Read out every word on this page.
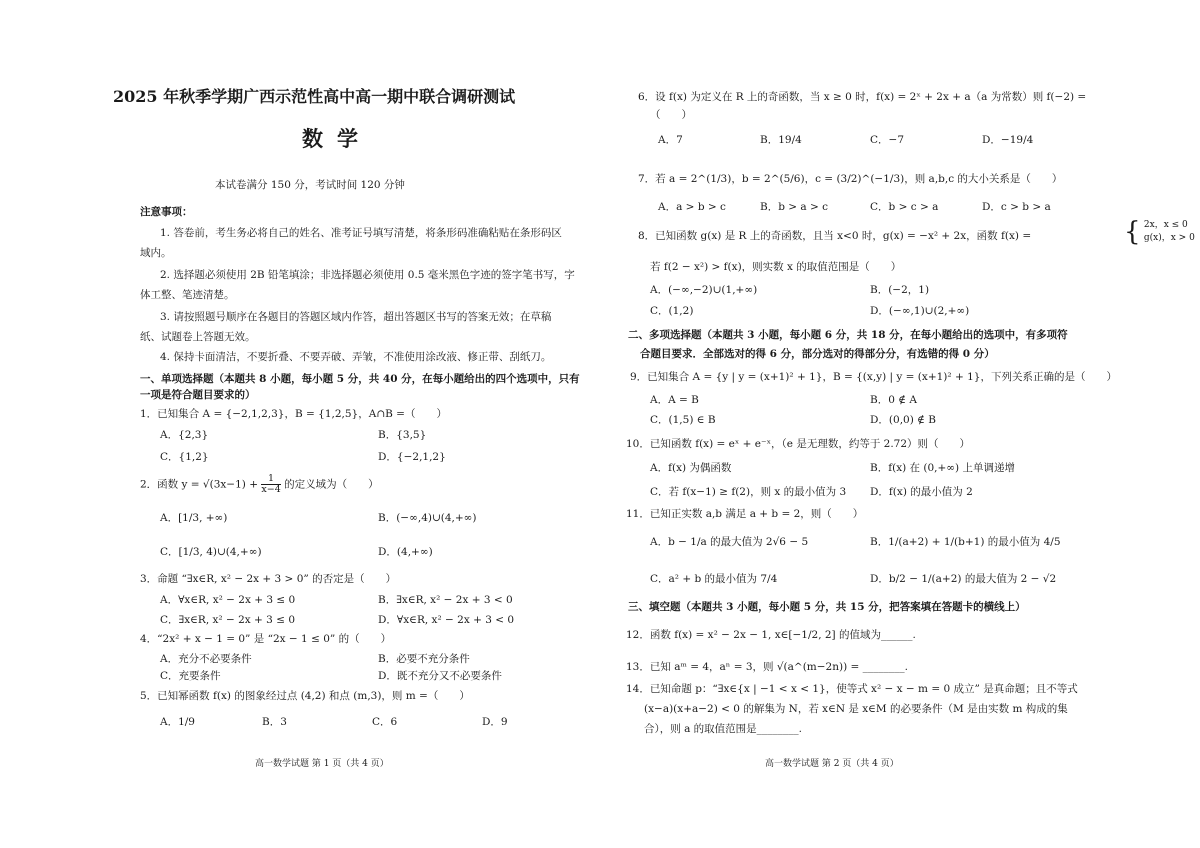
2025 年秋季学期广西示范性高中高一期中联合调研测试
数学
本试卷满分 150 分，考试时间 120 分钟
注意事项：
1. 答卷前，考生务必将自己的姓名、准考证号填写清楚，将条形码准确粘贴在条形码区
域内。
2. 选择题必须使用 2B 铅笔填涂；非选择题必须使用 0.5 毫米黑色字迹的签字笔书写，字
体工整、笔迹清楚。
3. 请按照题号顺序在各题目的答题区域内作答，超出答题区书写的答案无效；在草稿
纸、试题卷上答题无效。
4. 保持卡面清洁，不要折叠、不要弄破、弄皱，不准使用涂改液、修正带、刮纸刀。
一、单项选择题（本题共 8 小题，每小题 5 分，共 40 分，在每小题给出的四个选项中，只有
一项是符合题目要求的）
1．已知集合 A = {−2,1,2,3}，B = {1,2,5}，A∩B =（　　）
A．{2,3}	B．{3,5}
C．{1,2}	D．{−2,1,2}
2．函数 $y = √(3x-1) + \frac{1}{x-4}$ 的定义域为（　　）
A．[1/3, +∞)	B．(−∞,4)∪(4,+∞)
C．[1/3, 4)∪(4,+∞)	D．(4,+∞)
3．命题 “∃x∈R, x² − 2x + 3 > 0” 的否定是（　　）
A．∀x∈R, x² − 2x + 3 ≤ 0	B．∃x∈R, x² − 2x + 3 < 0
C．∃x∈R, x² − 2x + 3 ≤ 0	D．∀x∈R, x² − 2x + 3 < 0
4．“2x² + x − 1 = 0” 是 “2x − 1 ≤ 0” 的（　　）
A．充分不必要条件	B．必要不充分条件
C．充要条件	D．既不充分又不必要条件
5．已知幂函数 f(x) 的图象经过点 (4,2) 和点 (m,3)，则 m =（　　）
A．1/9	B．3	C．6	D．9
高一数学试题 第 1 页（共 4 页）
6．设 f(x) 为定义在 R 上的奇函数，当 x ≥ 0 时，f(x) = 2ˣ + 2x + a（a 为常数）则 f(−2) =
（　　）
A．7	B．19/4	C．−7	D．−19/4
7．若 a = 2^(1/3)，b = 2^(5/6)，c = (3/2)^(−1/3)，则 a,b,c 的大小关系是（　　）
A．a > b > c	B．b > a > c	C．b > c > a	D．c > b > a
8．已知函数 g(x) 是 R 上的奇函数，且当 x<0 时，g(x) = −x² + 2x，函数 f(x) =	{ 2x，x ≤ 0
g(x)，x > 0
若 f(2 − x²) > f(x)，则实数 x 的取值范围是（　　）
A．(−∞,−2)∪(1,+∞)	B．(−2，1)
C．(1,2)	D．(−∞,1)∪(2,+∞)
二、多项选择题（本题共 3 小题，每小题 6 分，共 18 分，在每小题给出的选项中，有多项符
合题目要求．全部选对的得 6 分，部分选对的得部分分，有选错的得 0 分）
9．已知集合 A = {y | y = (x+1)² + 1}，B = {(x,y) | y = (x+1)² + 1}，下列关系正确的是（　　）
A．A = B	B．0 ∉ A
C．(1,5) ∈ B	D．(0,0) ∉ B
10．已知函数 f(x) = eˣ + e⁻ˣ，（e 是无理数，约等于 2.72）则（　　）
A．f(x) 为偶函数	B．f(x) 在 (0,+∞) 上单调递增
C．若 f(x−1) ≥ f(2)，则 x 的最小值为 3 D．f(x) 的最小值为 2
11．已知正实数 a,b 满足 a + b = 2，则（　　）
A．b − 1/a 的最大值为 2√6 − 5	B．1/(a+2) + 1/(b+1) 的最小值为 4/5
C．a² + b 的最小值为 7/4	D．b/2 − 1/(a+2) 的最大值为 2 − √2
三、填空题（本题共 3 小题，每小题 5 分，共 15 分，把答案填在答题卡的横线上）
12．函数 f(x) = x² − 2x − 1, x∈[−1/2, 2] 的值域为______.
13．已知 aᵐ = 4，aⁿ = 3，则 √(a^(m−2n)) = ________.
14．已知命题 p：“∃x∈{x | −1 < x < 1}，使等式 x² − x − m = 0 成立” 是真命题；且不等式
(x−a)(x+a−2) < 0 的解集为 N，若 x∈N 是 x∈M 的必要条件（M 是由实数 m 构成的集
合），则 a 的取值范围是________.
高一数学试题 第 2 页（共 4 页）
